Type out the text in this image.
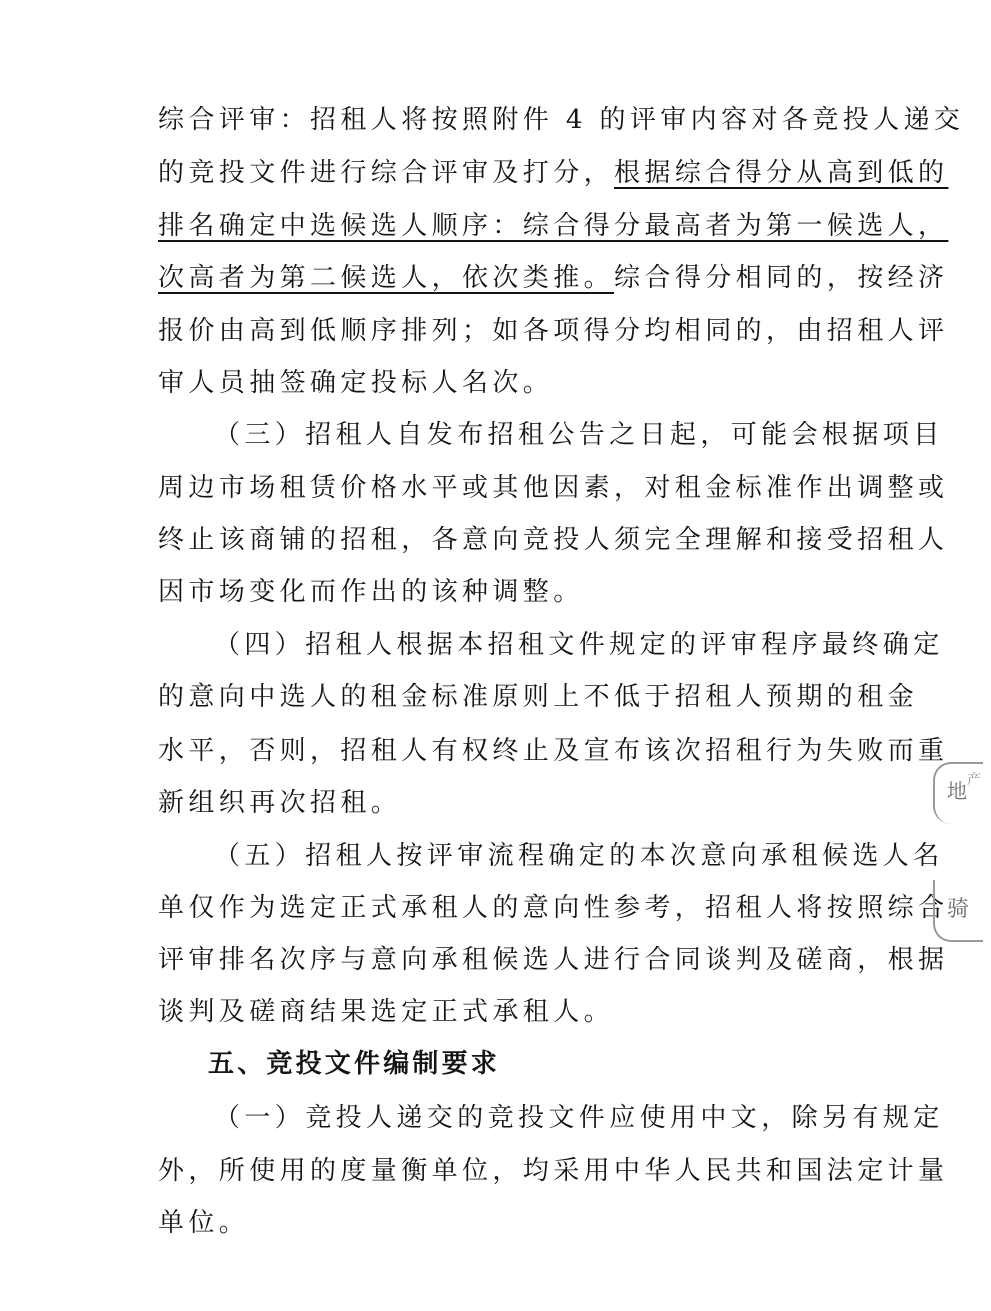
综合评审：招租人将按照附件 4 的评审内容对各竞投人递交
的竞投文件进行综合评审及打分，根据综合得分从高到低的
排名确定中选候选人顺序：综合得分最高者为第一候选人，
次高者为第二候选人，依次类推。综合得分相同的，按经济
报价由高到低顺序排列；如各项得分均相同的，由招租人评
审人员抽签确定投标人名次。
（三）招租人自发布招租公告之日起，可能会根据项目
周边市场租赁价格水平或其他因素，对租金标准作出调整或
终止该商铺的招租，各意向竞投人须完全理解和接受招租人
因市场变化而作出的该种调整。
（四）招租人根据本招租文件规定的评审程序最终确定
的意向中选人的租金标准原则上不低于招租人预期的租金
水平，否则，招租人有权终止及宣布该次招租行为失败而重
新组织再次招租。
（五）招租人按评审流程确定的本次意向承租候选人名
单仅作为选定正式承租人的意向性参考，招租人将按照综合
评审排名次序与意向承租候选人进行合同谈判及磋商，根据
谈判及磋商结果选定正式承租人。
五、竞投文件编制要求
（一）竞投人递交的竞投文件应使用中文，除另有规定
外，所使用的度量衡单位，均采用中华人民共和国法定计量
单位。
地 产
骑
